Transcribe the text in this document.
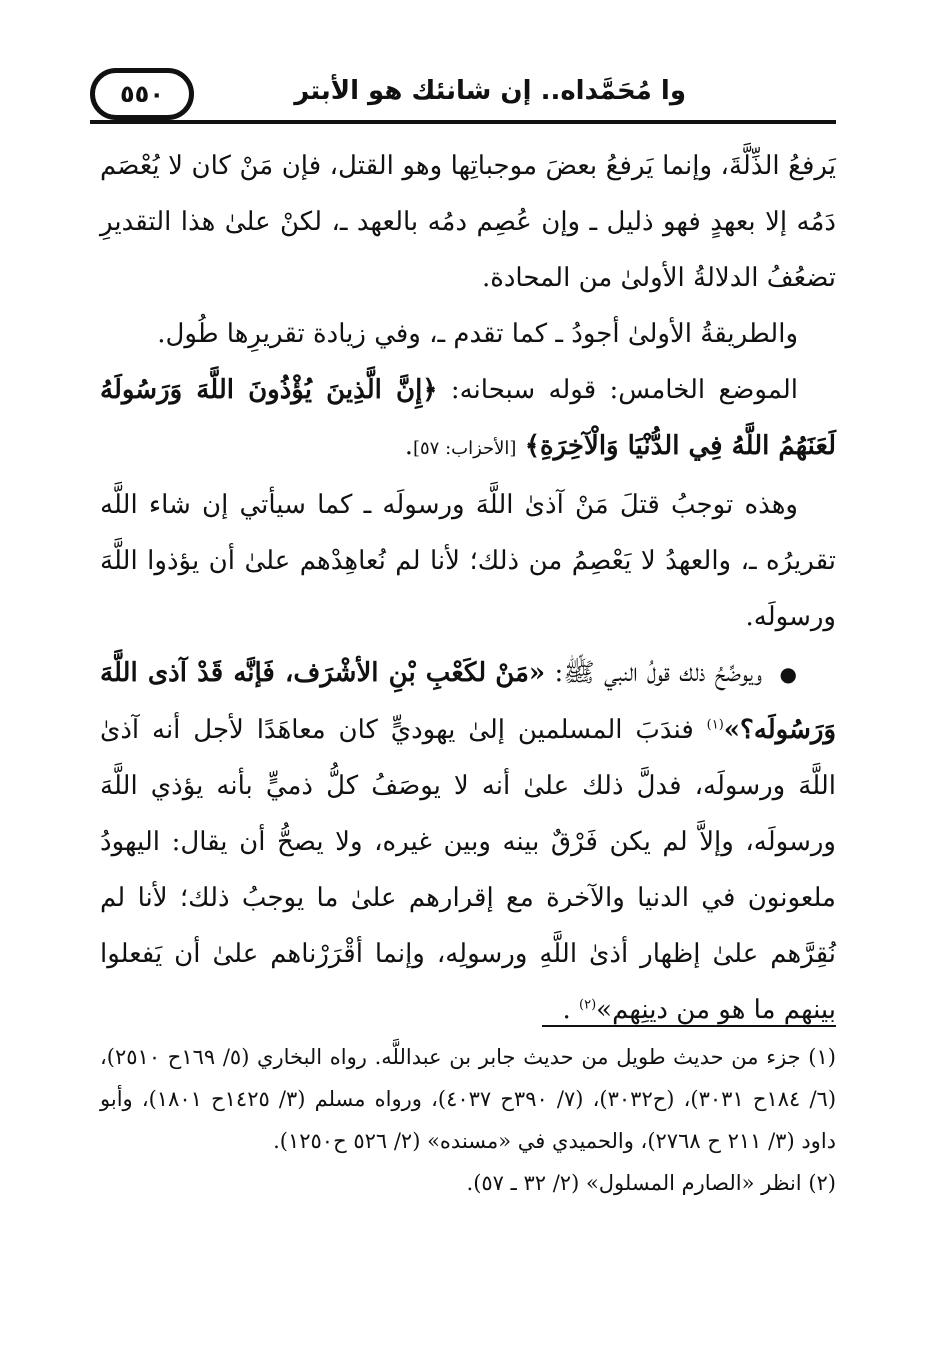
٥٥٠	وا مُحَمَّداه.. إن شانئك هو الأبتر

يَرفعُ الذِّلَّةَ، وإنما يَرفعُ بعضَ موجباتِها وهو القتل، فإن مَنْ كان لا يُعْصَم دَمُه إلا بعهدٍ فهو ذليل ـ وإن عُصِم دمُه بالعهد ـ، لكنْ علىٰ هذا التقديرِ تضعُفُ الدلالةُ الأولىٰ من المحادة.

والطريقةُ الأولىٰ أجودُ ـ كما تقدم ـ، وفي زيادة تقريرِها طُول.

الموضع الخامس: قوله سبحانه: ﴿إِنَّ الَّذِينَ يُؤْذُونَ اللَّهَ وَرَسُولَهُ لَعَنَهُمُ اللَّهُ فِي الدُّنْيَا وَالْآخِرَةِ﴾ [الأحزاب: ٥٧].

وهذه توجبُ قتلَ مَنْ آذىٰ اللَّهَ ورسولَه ـ كما سيأتي إن شاء اللَّه تقريرُه ـ، والعهدُ لا يَعْصِمُ من ذلك؛ لأنا لم نُعاهِدْهم علىٰ أن يؤذوا اللَّهَ ورسولَه.

● ويوضِّحُ ذلك قولُ النبي ﷺ: «مَنْ لكَعْبِ بْنِ الأشْرَف، فَإنَّه قَدْ آذى اللَّهَ وَرَسُولَه؟»$^{(١)}$ فندَبَ المسلمين إلىٰ يهوديٍّ كان معاهَدًا لأجل أنه آذىٰ اللَّهَ ورسولَه، فدلَّ ذلك علىٰ أنه لا يوصَفُ كلُّ ذميٍّ بأنه يؤذي اللَّهَ ورسولَه، وإلاَّ لم يكن فَرْقٌ بينه وبين غيره، ولا يصحُّ أن يقال: اليهودُ ملعونون في الدنيا والآخرة مع إقرارهم علىٰ ما يوجبُ ذلك؛ لأنا لم نُقِرَّهم علىٰ إظهار أذىٰ اللَّهِ ورسولِه، وإنما أقْرَرْناهم علىٰ أن يَفعلوا بينهم ما هو من دينِهم»$^{(٢)}$ .

(١) جزء من حديث طويل من حديث جابر بن عبداللَّه. رواه البخاري (٥/ ١٦٩ح ٢٥١٠)، (٦/ ١٨٤ح ٣٠٣١)، (ح٣٠٣٢)، (٧/ ٣٩٠ح ٤٠٣٧)، ورواه مسلم (٣/ ١٤٢٥ح ١٨٠١)، وأبو داود (٣/ ٢١١ ح ٢٧٦٨)، والحميدي في «مسنده» (٢/ ٥٢٦ ح١٢٥٠).

(٢) انظر «الصارم المسلول» (٢/ ٣٢ ـ ٥٧).
